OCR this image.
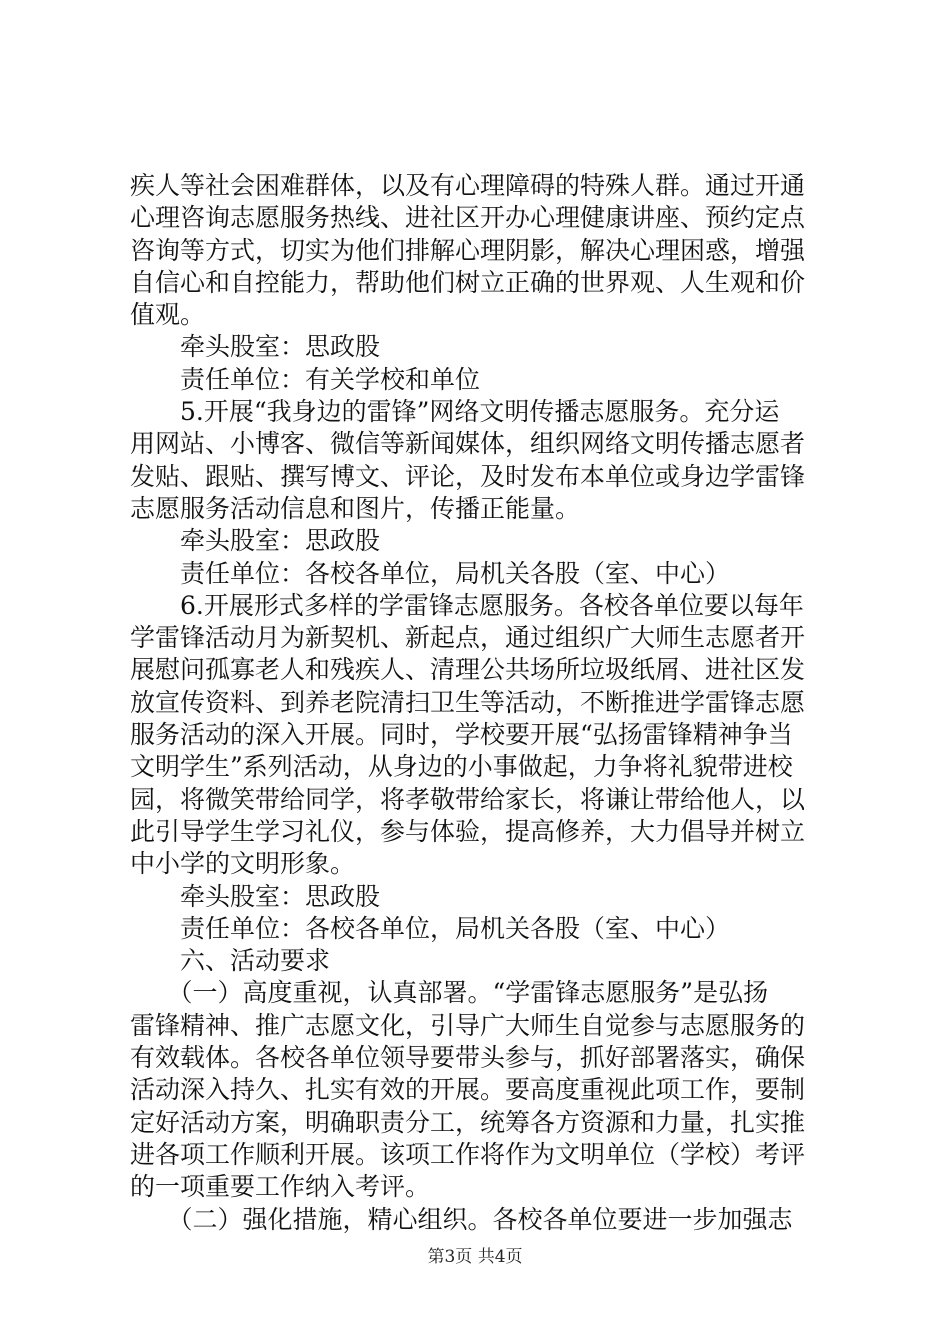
疾人等社会困难群体，以及有心理障碍的特殊人群。通过开通
心理咨询志愿服务热线、进社区开办心理健康讲座、预约定点
咨询等方式，切实为他们排解心理阴影，解决心理困惑，增强
自信心和自控能力，帮助他们树立正确的世界观、人生观和价
值观。
　　牵头股室：思政股
　　责任单位：有关学校和单位
　　5.开展“我身边的雷锋”网络文明传播志愿服务。充分运
用网站、小博客、微信等新闻媒体，组织网络文明传播志愿者
发贴、跟贴、撰写博文、评论，及时发布本单位或身边学雷锋
志愿服务活动信息和图片，传播正能量。
　　牵头股室：思政股
　　责任单位：各校各单位，局机关各股（室、中心）
　　6.开展形式多样的学雷锋志愿服务。各校各单位要以每年
学雷锋活动月为新契机、新起点，通过组织广大师生志愿者开
展慰问孤寡老人和残疾人、清理公共场所垃圾纸屑、进社区发
放宣传资料、到养老院清扫卫生等活动，不断推进学雷锋志愿
服务活动的深入开展。同时，学校要开展“弘扬雷锋精神争当
文明学生”系列活动，从身边的小事做起，力争将礼貌带进校
园，将微笑带给同学，将孝敬带给家长，将谦让带给他人，以
此引导学生学习礼仪，参与体验，提高修养，大力倡导并树立
中小学的文明形象。
　　牵头股室：思政股
　　责任单位：各校各单位，局机关各股（室、中心）
　　六、活动要求
　　（一）高度重视，认真部署。“学雷锋志愿服务”是弘扬
雷锋精神、推广志愿文化，引导广大师生自觉参与志愿服务的
有效载体。各校各单位领导要带头参与，抓好部署落实，确保
活动深入持久、扎实有效的开展。要高度重视此项工作，要制
定好活动方案，明确职责分工，统筹各方资源和力量，扎实推
进各项工作顺利开展。该项工作将作为文明单位（学校）考评
的一项重要工作纳入考评。
　　（二）强化措施，精心组织。各校各单位要进一步加强志
第3页 共4页
